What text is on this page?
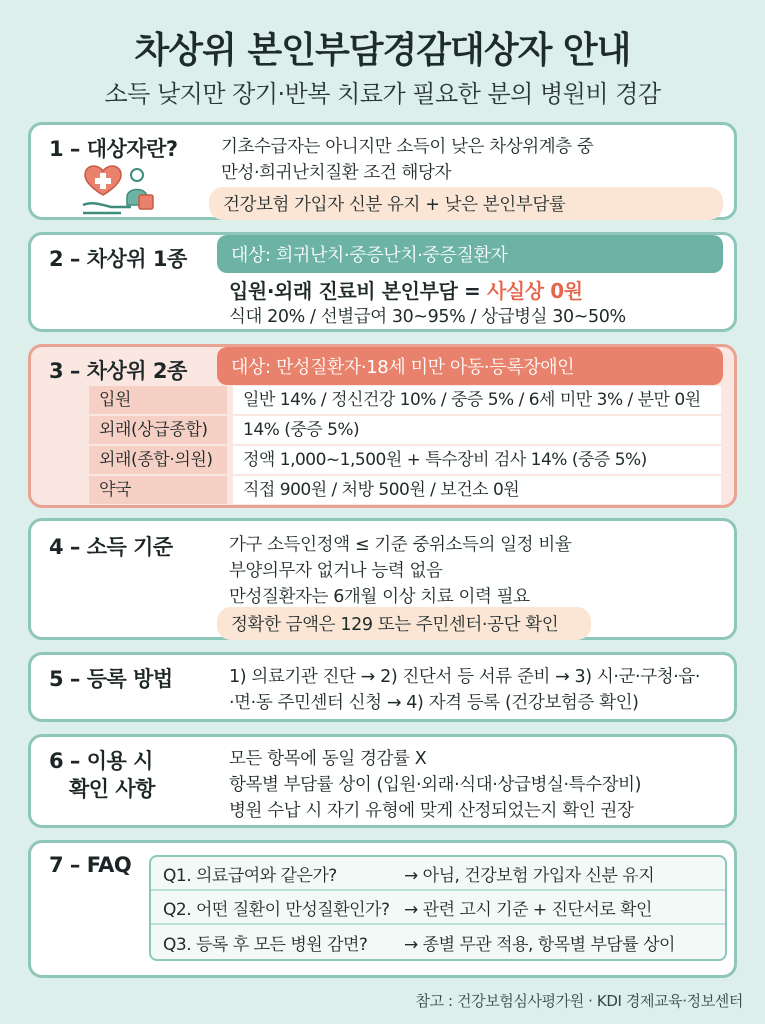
차상위 본인부담경감대상자 안내
소득 낮지만 장기·반복 치료가 필요한 분의 병원비 경감
1 – 대상자란? 기초수급자는 아니지만 소득이 낮은 차상위계층 중
만성·희귀난치질환 조건 해당자
건강보험 가입자 신분 유지 + 낮은 본인부담률
2 – 차상위 1종	대상: 희귀난치·중증난치·중증질환자
입원·외래 진료비 본인부담 = 사실상 0원
식대 20% / 선별급여 30~95% / 상급병실 30~50%
3 – 차상위 2종	대상: 만성질환자·18세 미만 아동·등록장애인
입원	일반 14% / 정신건강 10% / 중증 5% / 6세 미만 3% / 분만 0원
외래(상급종합)	14% (중증 5%)
외래(종합·의원)	정액 1,000~1,500원 + 특수장비 검사 14% (중증 5%)
약국	직접 900원 / 처방 500원 / 보건소 0원
4 – 소득 기준	가구 소득인정액 ≤ 기준 중위소득의 일정 비율
부양의무자 없거나 능력 없음
만성질환자는 6개월 이상 치료 이력 필요
정확한 금액은 129 또는 주민센터·공단 확인
5 – 등록 방법	1) 의료기관 진단 → 2) 진단서 등 서류 준비 → 3) 시·군·구청·읍·
·면·동 주민센터 신청 → 4) 자격 등록 (건강보험증 확인)
6 – 이용 시
확인 사항
모든 항목에 동일 경감률 X
항목별 부담률 상이 (입원·외래·식대·상급병실·특수장비)
병원 수납 시 자기 유형에 맞게 산정되었는지 확인 권장
7 – FAQ	Q1. 의료급여와 같은가?	→ 아님, 건강보험 가입자 신분 유지
Q2. 어떤 질환이 만성질환인가? → 관련 고시 기준 + 진단서로 확인
Q3. 등록 후 모든 병원 감면?	→ 종별 무관 적용, 항목별 부담률 상이
참고 : 건강보험심사평가원 · KDI 경제교육·정보센터
